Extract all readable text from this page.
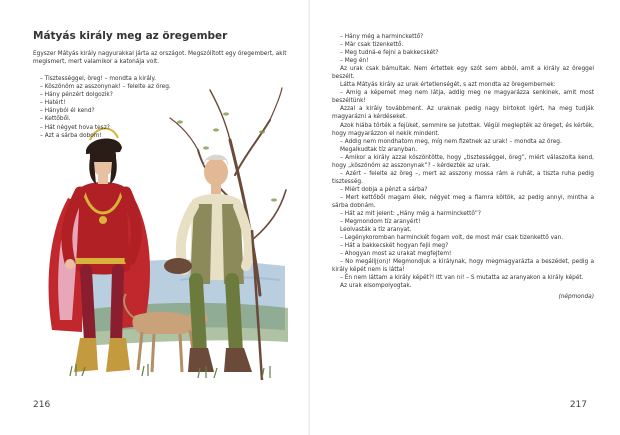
Mátyás király meg az öregember

Egyszer Mátyás király nagyurakkal járta az országot. Megszólított egy öregembert, akit megismert, mert valamikor a katonája volt.

– Tisztességgel, öreg! – mondta a király.
– Köszönöm az asszonynak! – felelte az öreg.
– Hány pénzért dolgozik?
– Hatért!
– Hányból él kend?
– Kettőből.
– Hát négyet hova tesz?
– Azt a sárba dobom!

216

– Hány még a harminckettő?

– Már csak tizenkettő.

– Meg tudná-e fejni a bakkecskét?

– Meg én!

Az urak csak bámultak. Nem értettek egy szót sem abból, amit a király az öreggel beszélt.

Látta Mátyás király az urak értetlenségét, s azt mondta az öregembernek:

– Amig a képemet meg nem látja, addig meg ne magyarázza senkinek, amit most beszéltünk!

Azzal a király továbbment. Az uraknak pedig nagy birtokot igért, ha meg tudják magyarázni a kérdéseket.

Azok hiába törték a fejüket, semmire se jutottak. Végül meglepték az öreget, és kérték, hogy magyarázzon el nekik mindent.

– Addig nem mondhatom meg, míg nem fizetnek az urak! – mondta az öreg.

Megalkudtak tíz aranyban.

– Amikor a király azzal köszöntötte, hogy „tisztességgel, öreg”, miért válaszolta kend, hogy „köszönöm az asszonynak”? – kérdezték az urak.

– Azért – felelte az öreg –, mert az asszony mossa rám a ruhát, a tiszta ruha pedig tisztesség.

– Miért dobja a pénzt a sárba?

– Mert kettőből magam élek, négyet meg a fiamra költök, az pedig annyi, mintha a sárba dobnám.

– Hát az mit jelent: „Hány még a harminckettő”?

– Megmondom tíz aranyért!

Leolvasták a tíz aranyat.

– Legénykoromban harminckét fogam volt, de most már csak tizenkettő van.

– Hát a bakkecskét hogyan fejii meg?

– Ahogyan most az urakat megfejtem!

– No megállj(on)! Megmondjuk a királynak, hogy megmagyarázta a beszédet, pedig a király képét nem is látta!

– Én nem láttam a király képét?! Itt van ni! – S mutatta az aranyakon a király képét.

Az urak elsompolyogtak.

(népmonda)

217
